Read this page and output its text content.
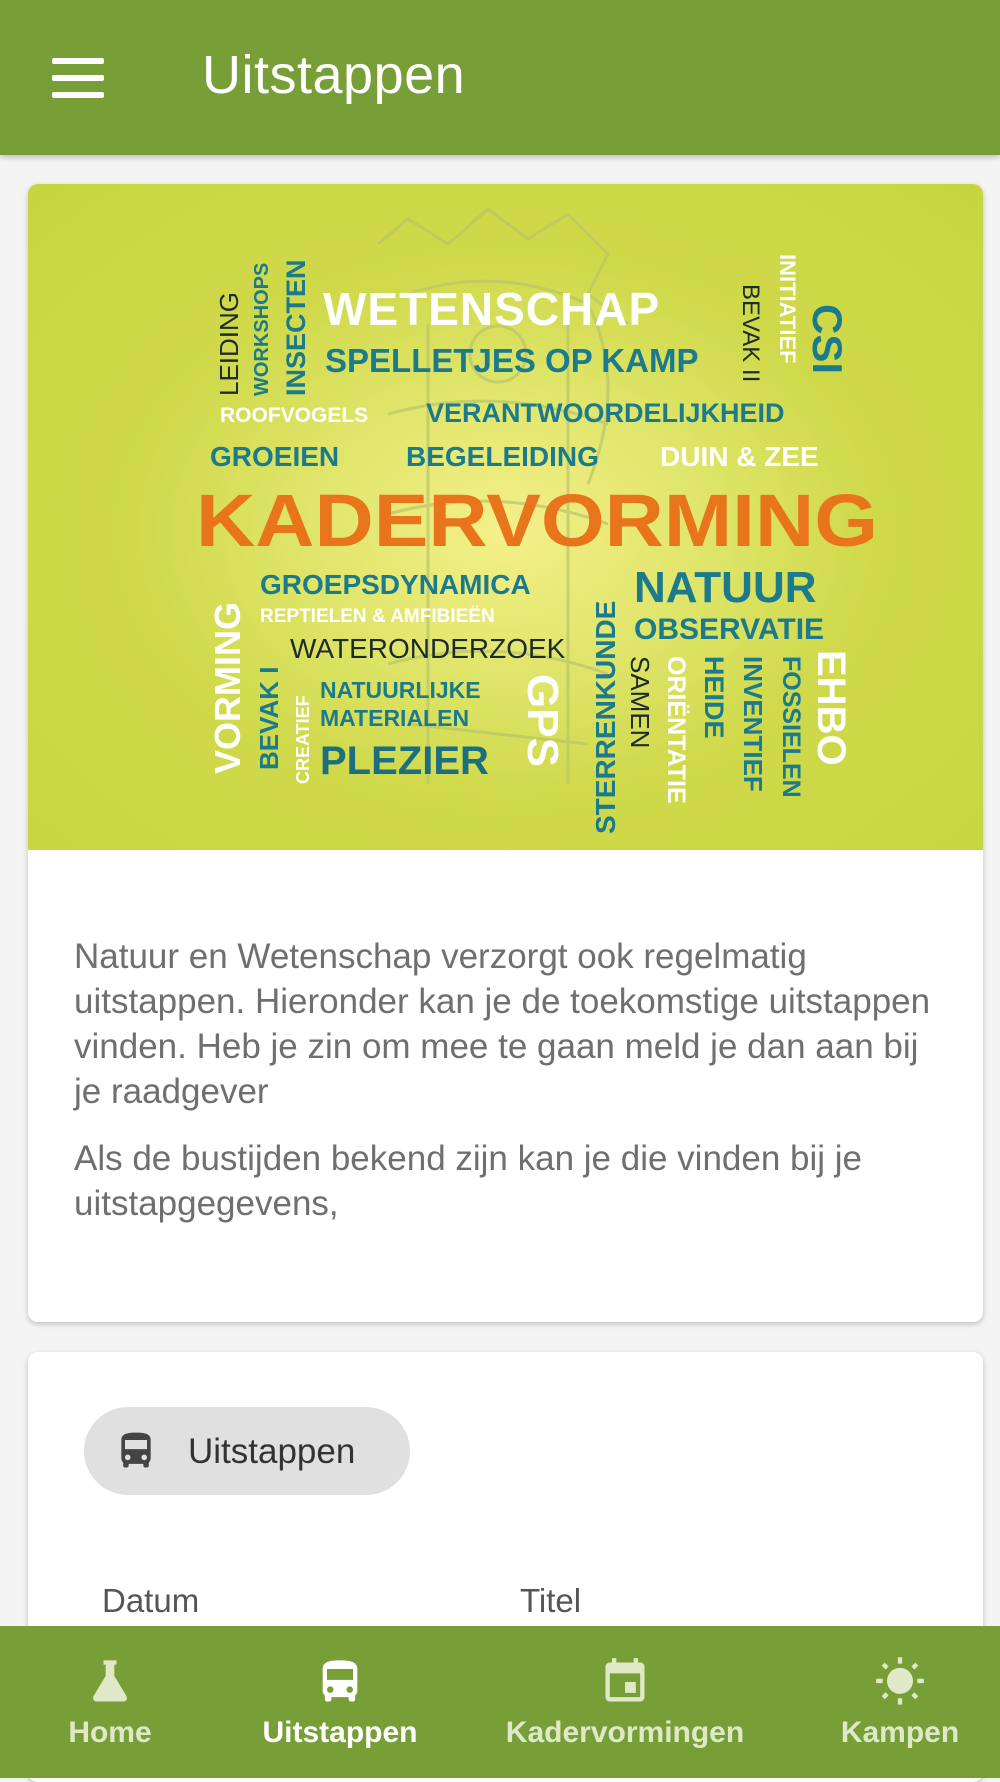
Uitstappen
LEIDING WORKSHOPS INSECTEN WETENSCHAP
SPELLETJES OP KAMP BEVAK II INITIATIEF CSI
ROOFVOGELS VERANTWOORDELIJKHEID
GROEIEN BEGELEIDING DUIN & ZEE
KADERVORMING
VORMING
GROEPSDYNAMICA
REPTIELEN & AMFIBIEËN
WATERONDERZOEK
NATUUR
OBSERVATIE
BEVAK I CREATIEF
NATUURLIJKE
MATERIALEN
PLEZIER GPS STERRENKUNDE SAMEN ORIËNTATIE HEIDE INVENTIEF FOSSIELEN EHBO

Natuur en Wetenschap verzorgt ook regelmatig uitstappen. Hieronder kan je de toekomstige uitstappen vinden. Heb je zin om mee te gaan meld je dan aan bij je raadgever

Als de bustijden bekend zijn kan je die vinden bij je uitstapgegevens,

Uitstappen
Datum	Titel
Home	Uitstappen	Kadervormingen	Kampen
